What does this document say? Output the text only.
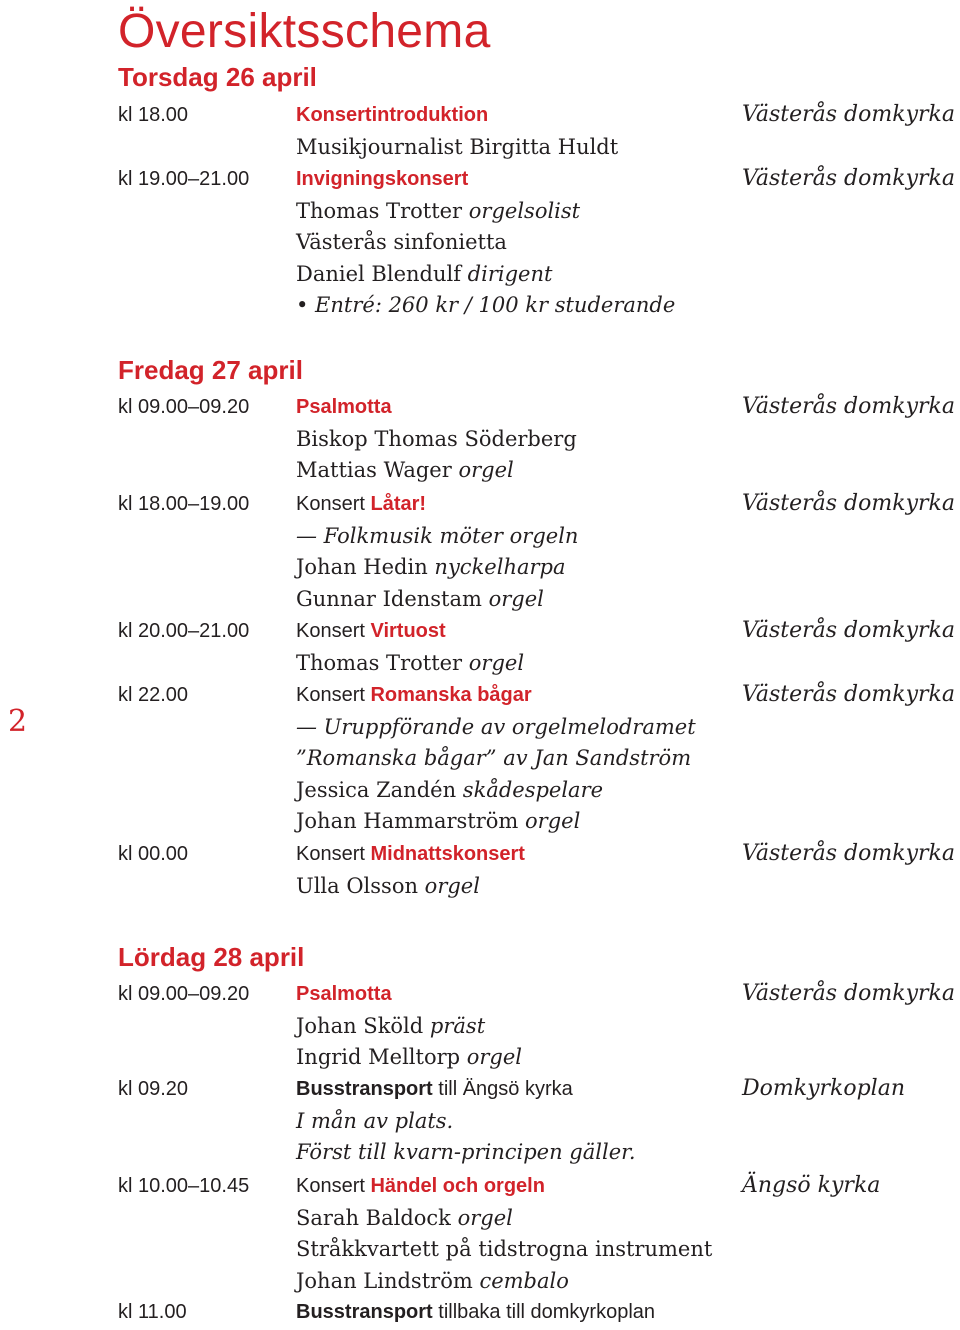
2
Översiktsschema
Torsdag 26 april
kl 18.00	Konsertintroduktion	Västerås domkyrka
Musikjournalist Birgitta Huldt
kl 19.00–21.00 Invigningskonsert	Västerås domkyrka
Thomas Trotter orgelsolist
Västerås sinfonietta
Daniel Blendulf dirigent
• Entré: 260 kr / 100 kr studerande
Fredag 27 april
kl 09.00–09.20 Psalmotta	Västerås domkyrka
Biskop Thomas Söderberg
Mattias Wager orgel
kl 18.00–19.00 Konsert Låtar!	Västerås domkyrka
— Folkmusik möter orgeln
Johan Hedin nyckelharpa
Gunnar Idenstam orgel
kl 20.00–21.00 Konsert Virtuost	Västerås domkyrka
Thomas Trotter orgel
kl 22.00	Konsert Romanska bågar	Västerås domkyrka
— Uruppförande av orgelmelodramet
”Romanska bågar” av Jan Sandström
Jessica Zandén skådespelare
Johan Hammarström orgel
kl 00.00	Konsert Midnattskonsert	Västerås domkyrka
Ulla Olsson orgel
Lördag 28 april
kl 09.00–09.20 Psalmotta	Västerås domkyrka
Johan Sköld präst
Ingrid Melltorp orgel
kl 09.20	Busstransport till Ängsö kyrka	Domkyrkoplan
I mån av plats.
Först till kvarn-principen gäller.
kl 10.00–10.45 Konsert Händel och orgeln	Ängsö kyrka
Sarah Baldock orgel
Stråkkvartett på tidstrogna instrument
Johan Lindström cembalo
kl 11.00	Busstransport tillbaka till domkyrkoplan
